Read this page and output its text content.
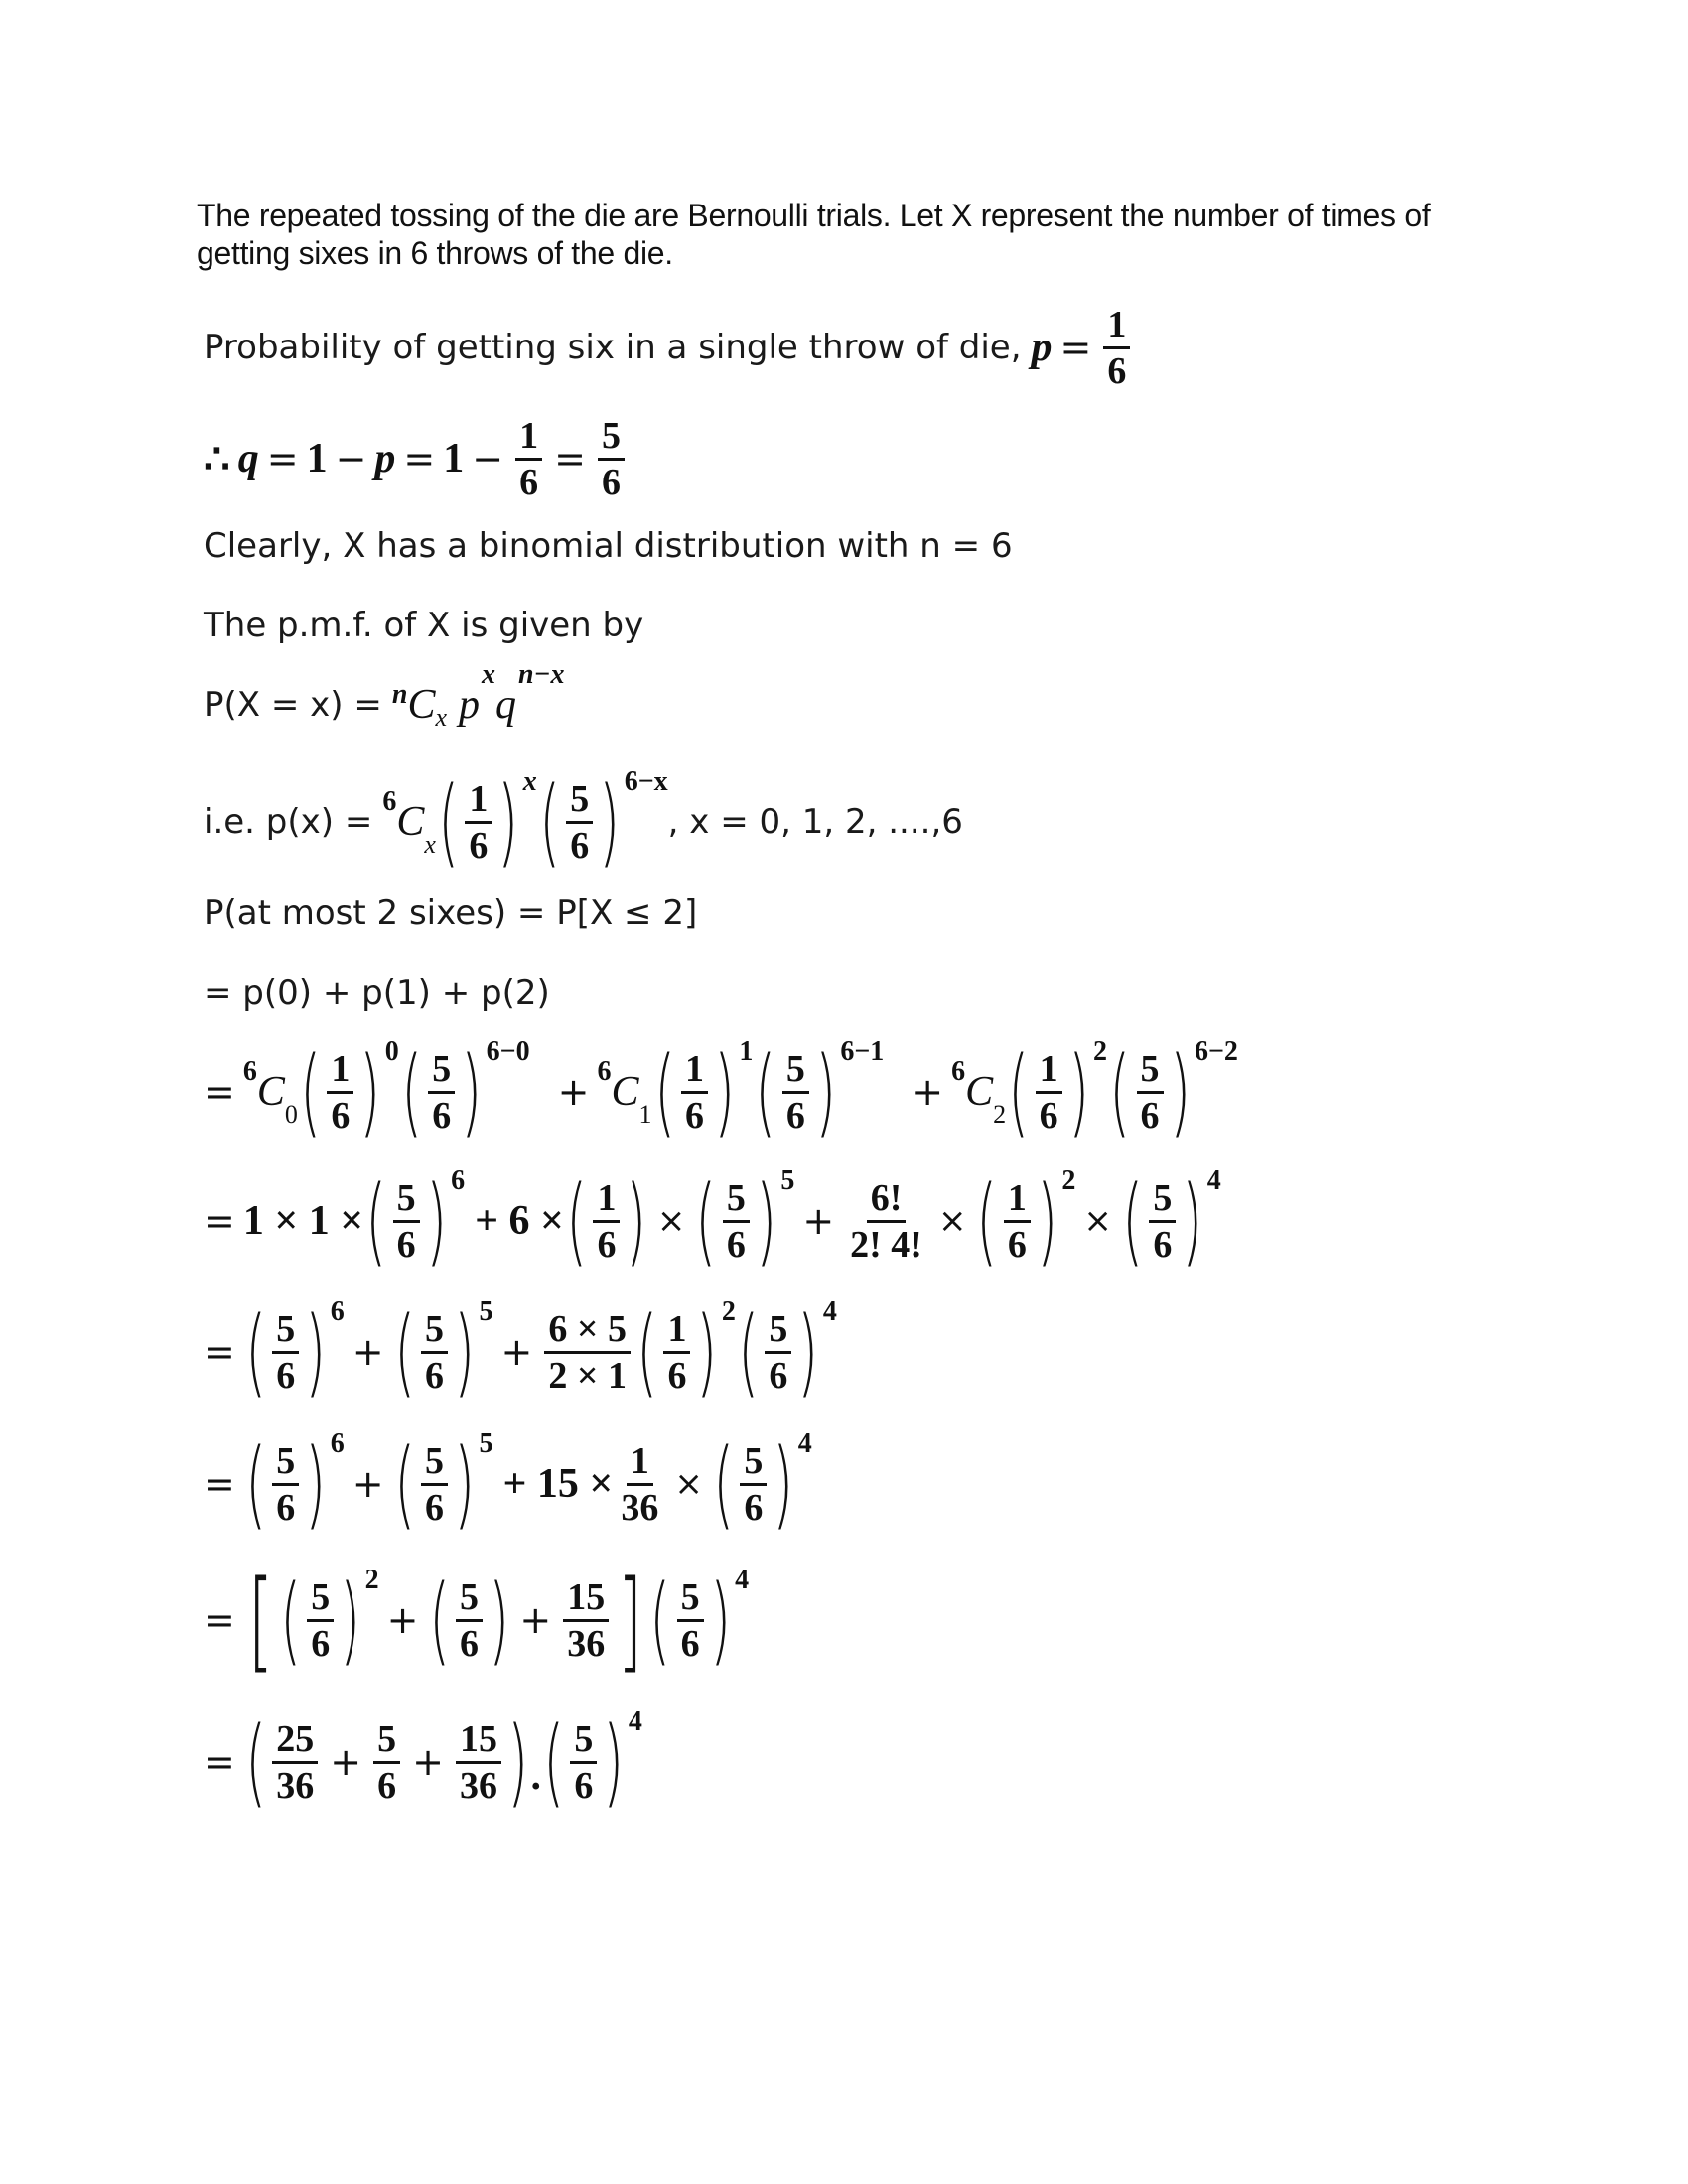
The repeated tossing of the die are Bernoulli trials. Let X represent the number of times of getting sixes in 6 throws of the die.
Probability of getting six in a single throw of die, $p = \frac{1}{6}$
∴ $q = 1 - p = 1 - \frac{1}{6} = \frac{5}{6}$
Clearly, X has a binomial distribution with n = 6
The p.m.f. of X is given by
P(X = x) = n C x p
x
q
n−x
i.e. p(x) =
6 C x ( $\frac{1}{6}$ ) x ( $\frac{5}{6}$ ) 6−x
, x = 0, 1, 2, ....,6
P(at most 2 sixes) = P[X ≤ 2]
= p(0) + p(1) + p(2)
= 6 C 0 ( $\frac{1}{6}$ ) 0 ( $\frac{5}{6}$ ) 6−0
+ 6 C 1 ( $\frac{1}{6}$ ) 1 ( $\frac{5}{6}$ ) 6−1
+ 6 C 2 ( $\frac{1}{6}$ ) 2 ( $\frac{5}{6}$ ) 6−2
= 1 × 1 × ( $\frac{5}{6}$ ) 6
+ 6 × ( $\frac{1}{6}$ ) × ( $\frac{5}{6}$ ) 5
+ $\frac{6!}{2! 4!}$ × ( $\frac{1}{6}$ ) 2
× ( $\frac{5}{6}$ ) 4
= ( $\frac{5}{6}$ ) 6
+ ( $\frac{5}{6}$ ) 5
+ $\frac{6 \times 5}{2 \times 1}$ ( $\frac{1}{6}$ ) 2 ( $\frac{5}{6}$ ) 4
= ( $\frac{5}{6}$ ) 6
+ ( $\frac{5}{6}$ ) 5
+ $15 \times \frac{1}{36}$ × ( $\frac{5}{6}$ ) 4
= [ ( $\frac{5}{6}$ ) 2
+ ( $\frac{5}{6}$ ) + $\frac{15}{36}$ ] ( $\frac{5}{6}$ ) 4
= ( $\frac{25}{36} + \frac{5}{6} + \frac{15}{36}$ ) . ( $\frac{5}{6}$ ) 4
